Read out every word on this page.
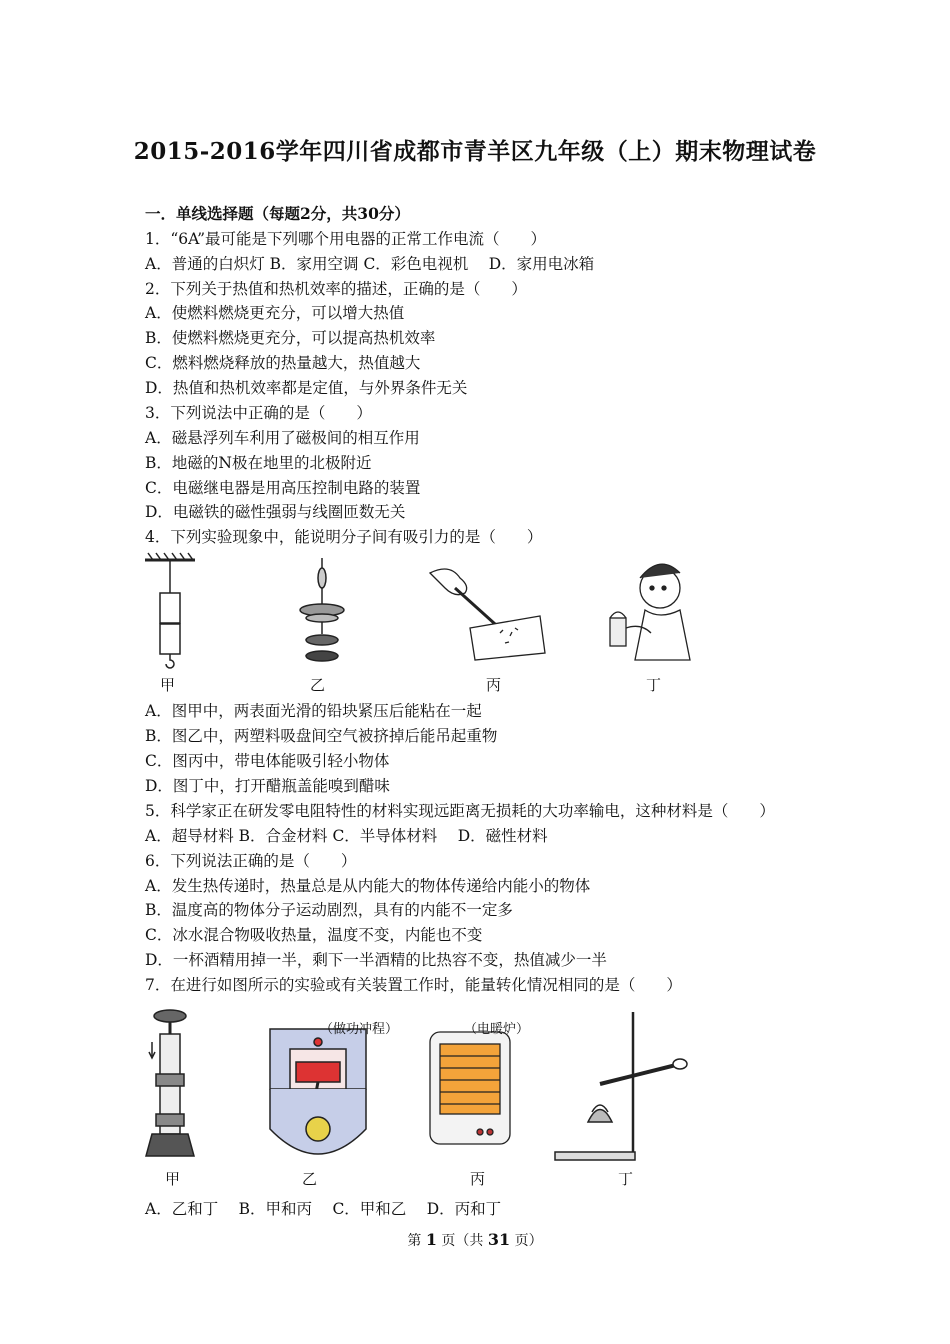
2015-2016学年四川省成都市青羊区九年级（上）期末物理试卷
一．单线选择题（每题2分，共30分）
1．“6A”最可能是下列哪个用电器的正常工作电流（　　）
A．普通的白炽灯 B．家用空调 C．彩色电视机　 D．家用电冰箱
2．下列关于热值和热机效率的描述，正确的是（　　）
A．使燃料燃烧更充分，可以增大热值
B．使燃料燃烧更充分，可以提高热机效率
C．燃料燃烧释放的热量越大，热值越大
D．热值和热机效率都是定值，与外界条件无关
3．下列说法中正确的是（　　）
A．磁悬浮列车利用了磁极间的相互作用
B．地磁的N极在地里的北极附近
C．电磁继电器是用高压控制电路的装置
D．电磁铁的磁性强弱与线圈匝数无关
4．下列实验现象中，能说明分子间有吸引力的是（　　）
甲	乙	丙	丁
A．图甲中，两表面光滑的铅块紧压后能粘在一起
B．图乙中，两塑料吸盘间空气被挤掉后能吊起重物
C．图丙中，带电体能吸引轻小物体
D．图丁中，打开醋瓶盖能嗅到醋味
5．科学家正在研发零电阻特性的材料实现远距离无损耗的大功率输电，这种材料是（　　）
A．超导材料 B．合金材料 C．半导体材料　 D．磁性材料
6．下列说法正确的是（　　）
A．发生热传递时，热量总是从内能大的物体传递给内能小的物体
B．温度高的物体分子运动剧烈，具有的内能不一定多
C．冰水混合物吸收热量，温度不变，内能也不变
D．一杯酒精用掉一半，剩下一半酒精的比热容不变，热值减少一半
7．在进行如图所示的实验或有关装置工作时，能量转化情况相同的是（　　）
（做功冲程）	（电暖炉）
甲	乙	丙	丁
A．乙和丁　 B．甲和丙　 C．甲和乙　 D．丙和丁
第 1 页（共 31 页）
